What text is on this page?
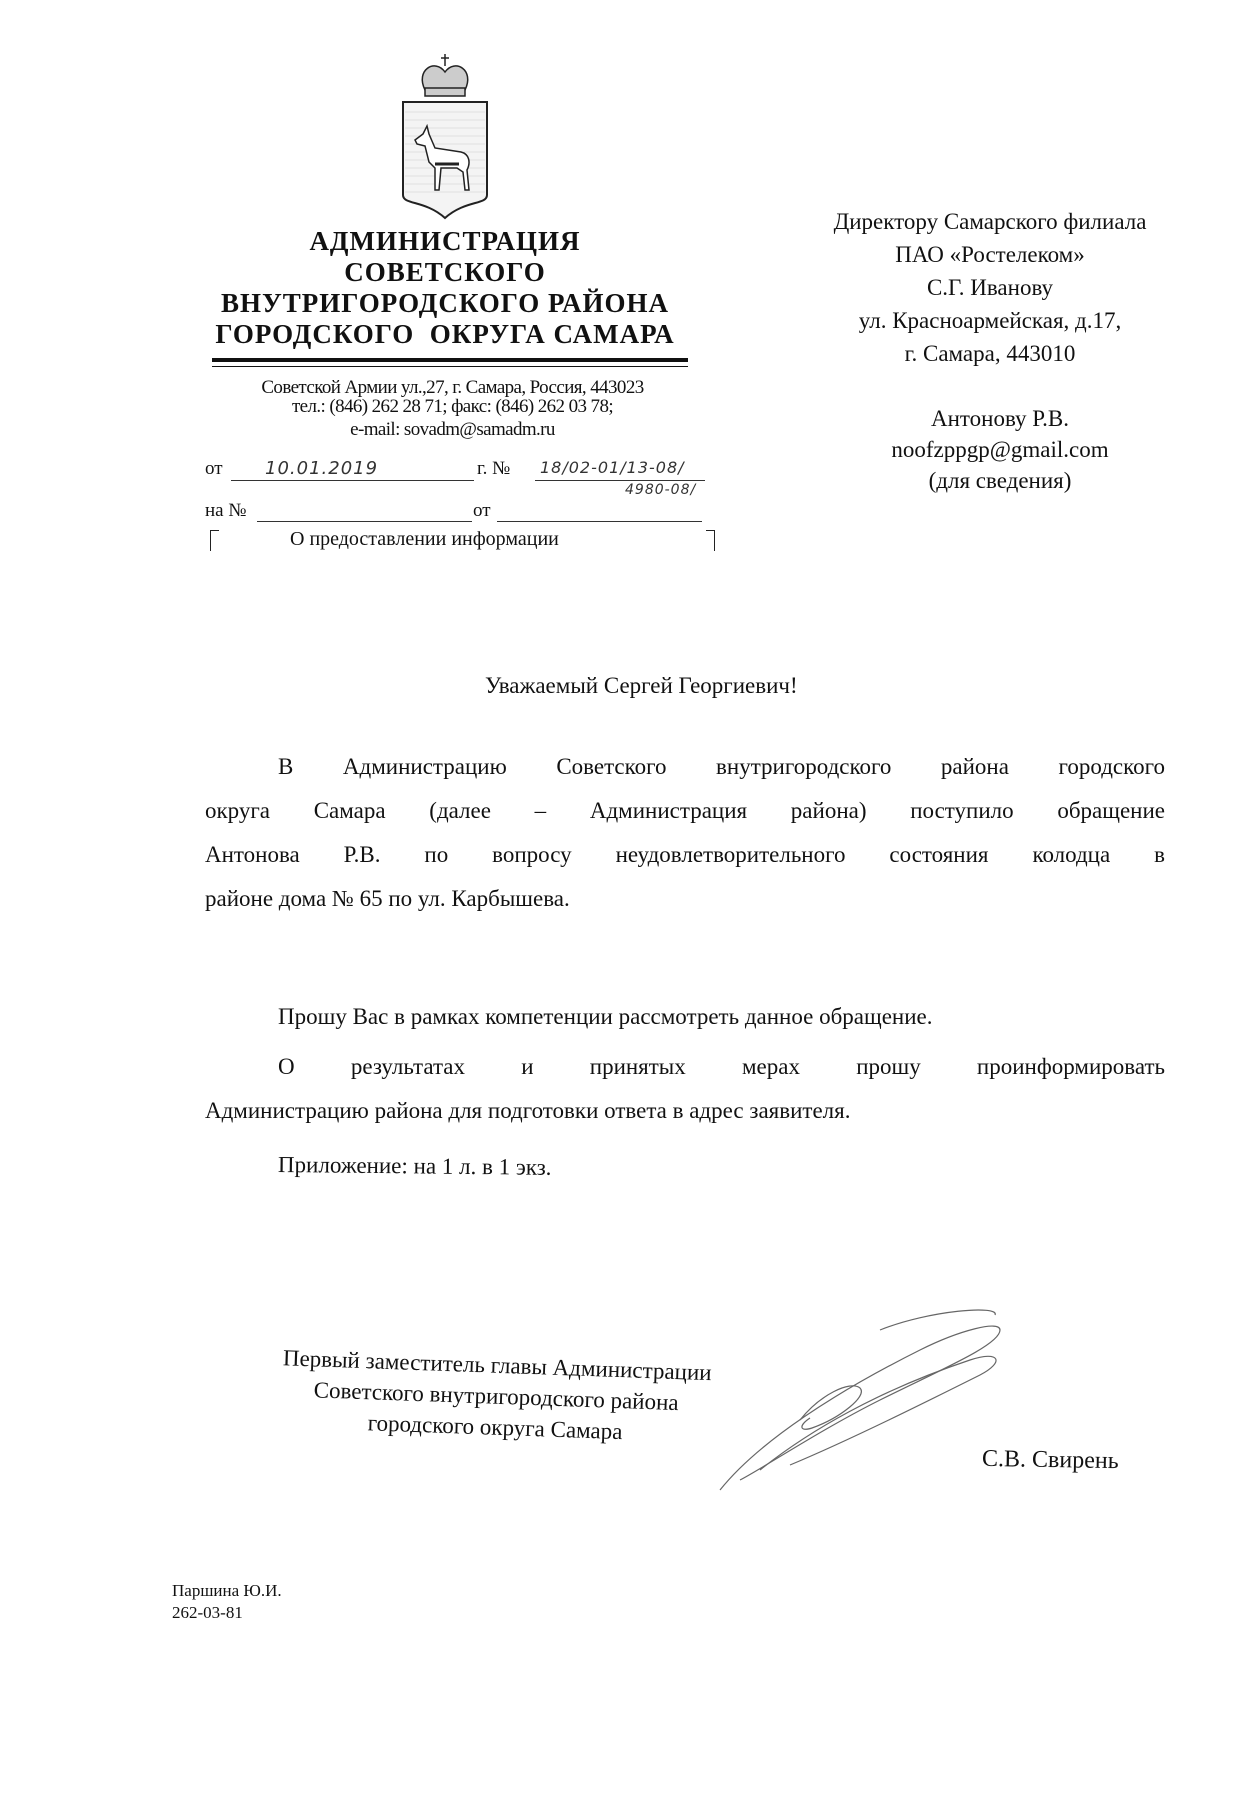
АДМИНИСТРАЦИЯ
СОВЕТСКОГО
ВНУТРИГОРОДСКОГО РАЙОНА
ГОРОДСКОГО  ОКРУГА САМАРА
Советской Армии ул.,27, г. Самара, Россия, 443023
тел.: (846) 262 28 71; факс: (846) 262 03 78;
e-mail: sovadm@samadm.ru
от 10.01.2019	г. № 18/02-01/13-08/
4980-08/
на №	от
О предоставлении информации
Директору Самарского филиала
ПАО «Ростелеком»
С.Г. Иванову
ул. Красноармейская, д.17,
г. Самара, 443010
Антонову Р.В.
noofzppgp@gmail.com
(для сведения)
Уважаемый Сергей Георгиевич!
В Администрацию Советского внутригородского района городского
округа Самара (далее – Администрация района) поступило обращение
Антонова Р.В. по вопросу неудовлетворительного состояния колодца в
районе дома № 65 по ул. Карбышева.
Прошу Вас в рамках компетенции рассмотреть данное обращение.
О результатах и принятых мерах прошу проинформировать
Администрацию района для подготовки ответа в адрес заявителя.
Приложение: на 1 л. в 1 экз.
Первый заместитель главы Администрации
Советского внутригородского района
городского округа Самара
С.В. Свирень
Паршина Ю.И.
262-03-81
